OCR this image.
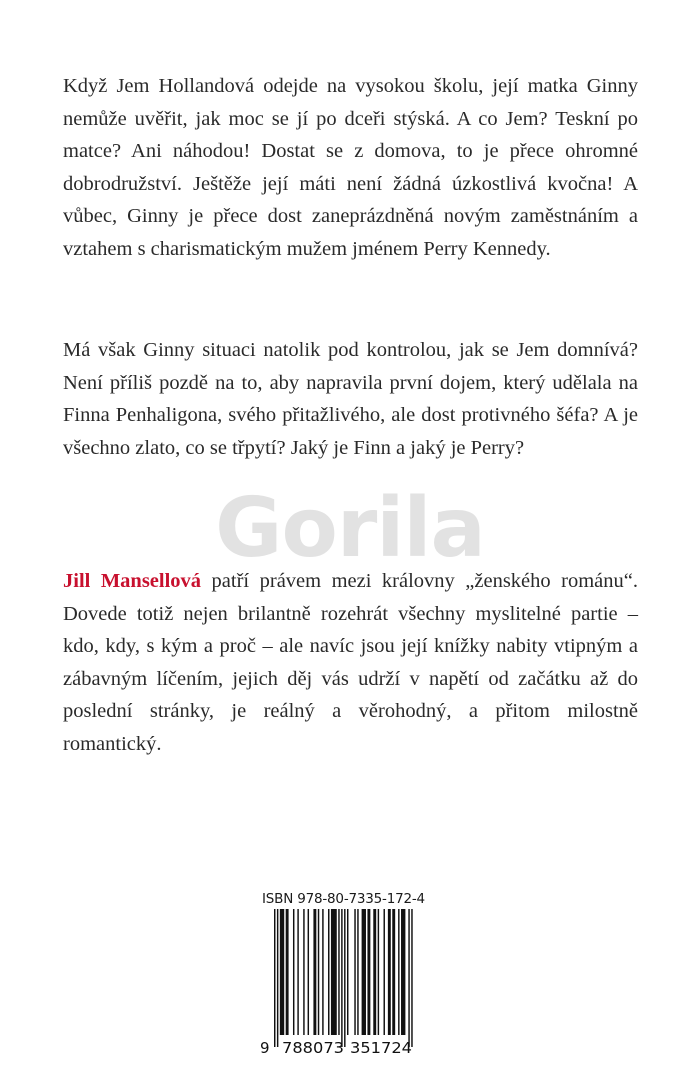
Když Jem Hollandová odejde na vysokou školu, její matka Ginny nemůže uvěřit, jak moc se jí po dceři stýská. A co Jem? Teskní po matce? Ani náhodou! Dostat se z domova, to je přece ohromné dobrodružství. Ještěže její máti není žádná úzkostlivá kvočna! A vůbec, Ginny je přece dost zaneprázdněná novým zaměstnáním a vztahem s charismatickým mužem jménem Perry Kennedy.

Má však Ginny situaci natolik pod kontrolou, jak se Jem domnívá? Není příliš pozdě na to, aby napravila první dojem, který udělala na Finna Penhaligona, svého přitažlivého, ale dost protivného šéfa? A je všechno zlato, co se třpytí? Jaký je Finn a jaký je Perry?

Gorila

Jill Mansellová patří právem mezi královny „ženského románu“. Dovede totiž nejen brilantně rozehrát všechny myslitelné partie – kdo, kdy, s kým a proč – ale navíc jsou její knížky nabity vtipným a zábavným líčením, jejich děj vás udrží v napětí od začátku až do poslední stránky, je reálný a věrohodný, a přitom milostně romantický.

ISBN 978-80-7335-172-4
9 788073 351724
